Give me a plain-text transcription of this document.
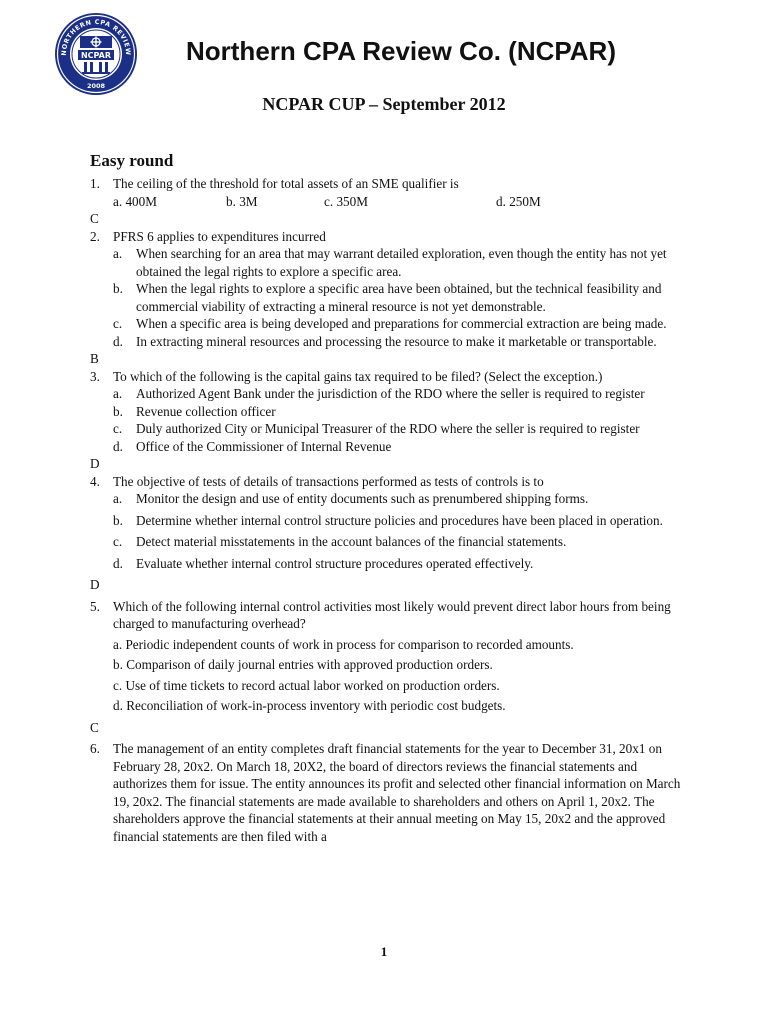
NORTHERN CPA REVIEW
NCPAR
2008
Northern CPA Review Co. (NCPAR)
NCPAR CUP – September 2012
Easy round
1. The ceiling of the threshold for total assets of an SME qualifier is
a. 400M	b. 3M	c. 350M	d. 250M
C
2. PFRS 6 applies to expenditures incurred
a. When searching for an area that may warrant detailed exploration, even though the entity has not yet obtained the legal rights to explore a specific area.
b. When the legal rights to explore a specific area have been obtained, but the technical feasibility and commercial viability of extracting a mineral resource is not yet demonstrable.
c. When a specific area is being developed and preparations for commercial extraction are being made.
d. In extracting mineral resources and processing the resource to make it marketable or transportable.
B
3. To which of the following is the capital gains tax required to be filed? (Select the exception.)
a. Authorized Agent Bank under the jurisdiction of the RDO where the seller is required to register
b. Revenue collection officer
c. Duly authorized City or Municipal Treasurer of the RDO where the seller is required to register
d. Office of the Commissioner of Internal Revenue
D
4. The objective of tests of details of transactions performed as tests of controls is to
a. Monitor the design and use of entity documents such as prenumbered shipping forms.
b. Determine whether internal control structure policies and procedures have been placed in operation.
c. Detect material misstatements in the account balances of the financial statements.
d. Evaluate whether internal control structure procedures operated effectively.
D
5. Which of the following internal control activities most likely would prevent direct labor hours from being charged to manufacturing overhead?
a. Periodic independent counts of work in process for comparison to recorded amounts.
b. Comparison of daily journal entries with approved production orders.
c. Use of time tickets to record actual labor worked on production orders.
d. Reconciliation of work-in-process inventory with periodic cost budgets.
C
6. The management of an entity completes draft financial statements for the year to December 31, 20x1 on February 28, 20x2. On March 18, 20X2, the board of directors reviews the financial statements and authorizes them for issue. The entity announces its profit and selected other financial information on March 19, 20x2. The financial statements are made available to shareholders and others on April 1, 20x2. The shareholders approve the financial statements at their annual meeting on May 15, 20x2 and the approved financial statements are then filed with a
1
